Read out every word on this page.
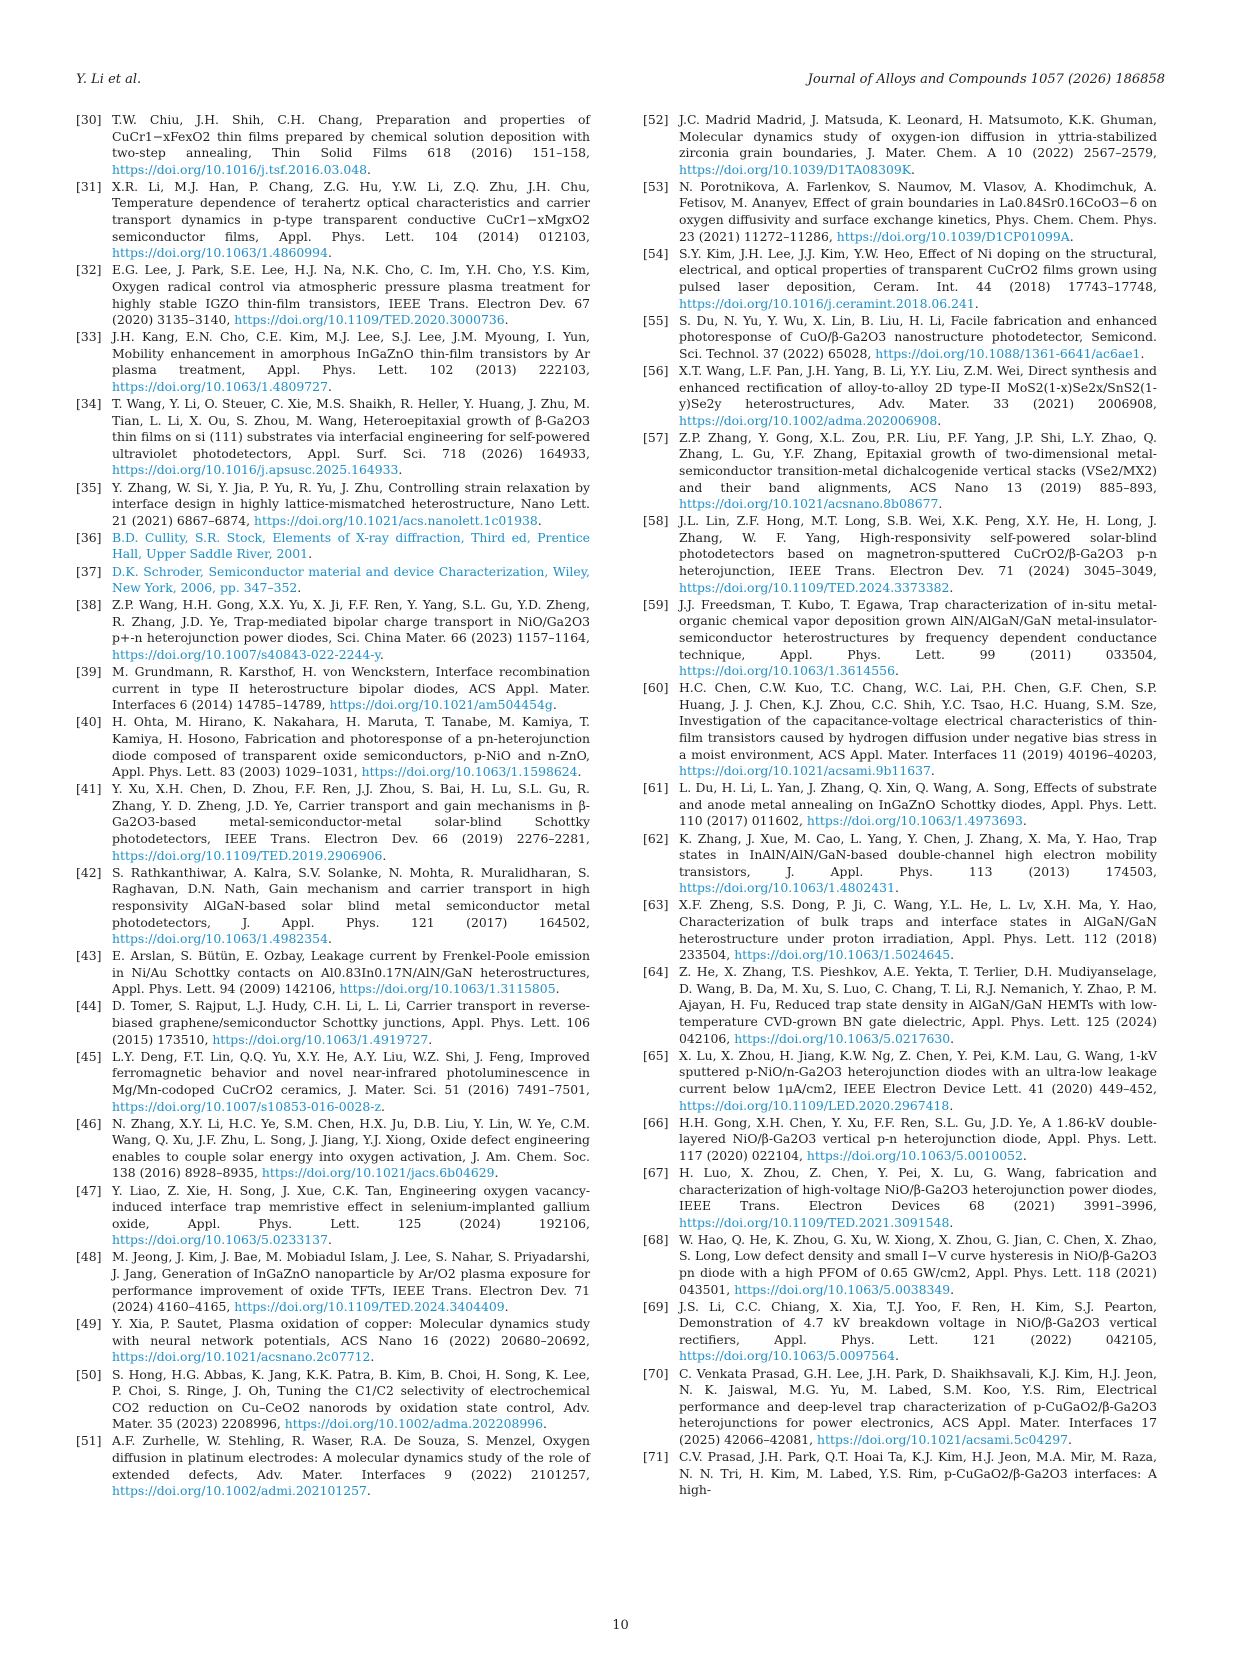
Y. Li et al.	Journal of Alloys and Compounds 1057 (2026) 186858
[30] T.W. Chiu, J.H. Shih, C.H. Chang, Preparation and properties of CuCr1−xFexO2 thin films prepared by chemical solution deposition with two-step annealing, Thin Solid Films 618 (2016) 151–158, https://doi.org/10.1016/j.tsf.2016.03.048.
[31] X.R. Li, M.J. Han, P. Chang, Z.G. Hu, Y.W. Li, Z.Q. Zhu, J.H. Chu, Temperature dependence of terahertz optical characteristics and carrier transport dynamics in p-type transparent conductive CuCr1−xMgxO2 semiconductor films, Appl. Phys. Lett. 104 (2014) 012103, https://doi.org/10.1063/1.4860994.
[32] E.G. Lee, J. Park, S.E. Lee, H.J. Na, N.K. Cho, C. Im, Y.H. Cho, Y.S. Kim, Oxygen radical control via atmospheric pressure plasma treatment for highly stable IGZO thin-film transistors, IEEE Trans. Electron Dev. 67 (2020) 3135–3140, https://doi.org/10.1109/TED.2020.3000736.
[33] J.H. Kang, E.N. Cho, C.E. Kim, M.J. Lee, S.J. Lee, J.M. Myoung, I. Yun, Mobility enhancement in amorphous InGaZnO thin-film transistors by Ar plasma treatment, Appl. Phys. Lett. 102 (2013) 222103, https://doi.org/10.1063/1.4809727.
[34] T. Wang, Y. Li, O. Steuer, C. Xie, M.S. Shaikh, R. Heller, Y. Huang, J. Zhu, M. Tian, L. Li, X. Ou, S. Zhou, M. Wang, Heteroepitaxial growth of β-Ga2O3 thin films on si (111) substrates via interfacial engineering for self-powered ultraviolet photodetectors, Appl. Surf. Sci. 718 (2026) 164933, https://doi.org/10.1016/j.apsusc.2025.164933.
[35] Y. Zhang, W. Si, Y. Jia, P. Yu, R. Yu, J. Zhu, Controlling strain relaxation by interface design in highly lattice-mismatched heterostructure, Nano Lett. 21 (2021) 6867–6874, https://doi.org/10.1021/acs.nanolett.1c01938.
[36] B.D. Cullity, S.R. Stock, Elements of X-ray diffraction, Third ed, Prentice Hall, Upper Saddle River, 2001.
[37] D.K. Schroder, Semiconductor material and device Characterization, Wiley, New York, 2006, pp. 347–352.
[38] Z.P. Wang, H.H. Gong, X.X. Yu, X. Ji, F.F. Ren, Y. Yang, S.L. Gu, Y.D. Zheng, R. Zhang, J.D. Ye, Trap-mediated bipolar charge transport in NiO/Ga2O3 p+-n heterojunction power diodes, Sci. China Mater. 66 (2023) 1157–1164, https://doi.org/10.1007/s40843-022-2244-y.
[39] M. Grundmann, R. Karsthof, H. von Wenckstern, Interface recombination current in type II heterostructure bipolar diodes, ACS Appl. Mater. Interfaces 6 (2014) 14785–14789, https://doi.org/10.1021/am504454g.
[40] H. Ohta, M. Hirano, K. Nakahara, H. Maruta, T. Tanabe, M. Kamiya, T. Kamiya, H. Hosono, Fabrication and photoresponse of a pn-heterojunction diode composed of transparent oxide semiconductors, p-NiO and n-ZnO, Appl. Phys. Lett. 83 (2003) 1029–1031, https://doi.org/10.1063/1.1598624.
[41] Y. Xu, X.H. Chen, D. Zhou, F.F. Ren, J.J. Zhou, S. Bai, H. Lu, S.L. Gu, R. Zhang, Y. D. Zheng, J.D. Ye, Carrier transport and gain mechanisms in β-Ga2O3-based metal-semiconductor-metal solar-blind Schottky photodetectors, IEEE Trans. Electron Dev. 66 (2019) 2276–2281, https://doi.org/10.1109/TED.2019.2906906.
[42] S. Rathkanthiwar, A. Kalra, S.V. Solanke, N. Mohta, R. Muralidharan, S. Raghavan, D.N. Nath, Gain mechanism and carrier transport in high responsivity AlGaN-based solar blind metal semiconductor metal photodetectors, J. Appl. Phys. 121 (2017) 164502, https://doi.org/10.1063/1.4982354.
[43] E. Arslan, S. Bütün, E. Ozbay, Leakage current by Frenkel-Poole emission in Ni/Au Schottky contacts on Al0.83In0.17N/AlN/GaN heterostructures, Appl. Phys. Lett. 94 (2009) 142106, https://doi.org/10.1063/1.3115805.
[44] D. Tomer, S. Rajput, L.J. Hudy, C.H. Li, L. Li, Carrier transport in reverse-biased graphene/semiconductor Schottky junctions, Appl. Phys. Lett. 106 (2015) 173510, https://doi.org/10.1063/1.4919727.
[45] L.Y. Deng, F.T. Lin, Q.Q. Yu, X.Y. He, A.Y. Liu, W.Z. Shi, J. Feng, Improved ferromagnetic behavior and novel near-infrared photoluminescence in Mg/Mn-codoped CuCrO2 ceramics, J. Mater. Sci. 51 (2016) 7491–7501, https://doi.org/10.1007/s10853-016-0028-z.
[46] N. Zhang, X.Y. Li, H.C. Ye, S.M. Chen, H.X. Ju, D.B. Liu, Y. Lin, W. Ye, C.M. Wang, Q. Xu, J.F. Zhu, L. Song, J. Jiang, Y.J. Xiong, Oxide defect engineering enables to couple solar energy into oxygen activation, J. Am. Chem. Soc. 138 (2016) 8928–8935, https://doi.org/10.1021/jacs.6b04629.
[47] Y. Liao, Z. Xie, H. Song, J. Xue, C.K. Tan, Engineering oxygen vacancy-induced interface trap memristive effect in selenium-implanted gallium oxide, Appl. Phys. Lett. 125 (2024) 192106, https://doi.org/10.1063/5.0233137.
[48] M. Jeong, J. Kim, J. Bae, M. Mobiadul Islam, J. Lee, S. Nahar, S. Priyadarshi, J. Jang, Generation of InGaZnO nanoparticle by Ar/O2 plasma exposure for performance improvement of oxide TFTs, IEEE Trans. Electron Dev. 71 (2024) 4160–4165, https://doi.org/10.1109/TED.2024.3404409.
[49] Y. Xia, P. Sautet, Plasma oxidation of copper: Molecular dynamics study with neural network potentials, ACS Nano 16 (2022) 20680–20692, https://doi.org/10.1021/acsnano.2c07712.
[50] S. Hong, H.G. Abbas, K. Jang, K.K. Patra, B. Kim, B. Choi, H. Song, K. Lee, P. Choi, S. Ringe, J. Oh, Tuning the C1/C2 selectivity of electrochemical CO2 reduction on Cu–CeO2 nanorods by oxidation state control, Adv. Mater. 35 (2023) 2208996, https://doi.org/10.1002/adma.202208996.
[51] A.F. Zurhelle, W. Stehling, R. Waser, R.A. De Souza, S. Menzel, Oxygen diffusion in platinum electrodes: A molecular dynamics study of the role of extended defects, Adv. Mater. Interfaces 9 (2022) 2101257, https://doi.org/10.1002/admi.202101257.
[52] J.C. Madrid Madrid, J. Matsuda, K. Leonard, H. Matsumoto, K.K. Ghuman, Molecular dynamics study of oxygen-ion diffusion in yttria-stabilized zirconia grain boundaries, J. Mater. Chem. A 10 (2022) 2567–2579, https://doi.org/10.1039/D1TA08309K.
[53] N. Porotnikova, A. Farlenkov, S. Naumov, M. Vlasov, A. Khodimchuk, A. Fetisov, M. Ananyev, Effect of grain boundaries in La0.84Sr0.16CoO3−δ on oxygen diffusivity and surface exchange kinetics, Phys. Chem. Chem. Phys. 23 (2021) 11272–11286, https://doi.org/10.1039/D1CP01099A.
[54] S.Y. Kim, J.H. Lee, J.J. Kim, Y.W. Heo, Effect of Ni doping on the structural, electrical, and optical properties of transparent CuCrO2 films grown using pulsed laser deposition, Ceram. Int. 44 (2018) 17743–17748, https://doi.org/10.1016/j.ceramint.2018.06.241.
[55] S. Du, N. Yu, Y. Wu, X. Lin, B. Liu, H. Li, Facile fabrication and enhanced photoresponse of CuO/β-Ga2O3 nanostructure photodetector, Semicond. Sci. Technol. 37 (2022) 65028, https://doi.org/10.1088/1361-6641/ac6ae1.
[56] X.T. Wang, L.F. Pan, J.H. Yang, B. Li, Y.Y. Liu, Z.M. Wei, Direct synthesis and enhanced rectification of alloy-to-alloy 2D type-II MoS2(1-x)Se2x/SnS2(1-y)Se2y heterostructures, Adv. Mater. 33 (2021) 2006908, https://doi.org/10.1002/adma.202006908.
[57] Z.P. Zhang, Y. Gong, X.L. Zou, P.R. Liu, P.F. Yang, J.P. Shi, L.Y. Zhao, Q. Zhang, L. Gu, Y.F. Zhang, Epitaxial growth of two-dimensional metal-semiconductor transition-metal dichalcogenide vertical stacks (VSe2/MX2) and their band alignments, ACS Nano 13 (2019) 885–893, https://doi.org/10.1021/acsnano.8b08677.
[58] J.L. Lin, Z.F. Hong, M.T. Long, S.B. Wei, X.K. Peng, X.Y. He, H. Long, J. Zhang, W. F. Yang, High-responsivity self-powered solar-blind photodetectors based on magnetron-sputtered CuCrO2/β-Ga2O3 p-n heterojunction, IEEE Trans. Electron Dev. 71 (2024) 3045–3049, https://doi.org/10.1109/TED.2024.3373382.
[59] J.J. Freedsman, T. Kubo, T. Egawa, Trap characterization of in-situ metal-organic chemical vapor deposition grown AlN/AlGaN/GaN metal-insulator-semiconductor heterostructures by frequency dependent conductance technique, Appl. Phys. Lett. 99 (2011) 033504, https://doi.org/10.1063/1.3614556.
[60] H.C. Chen, C.W. Kuo, T.C. Chang, W.C. Lai, P.H. Chen, G.F. Chen, S.P. Huang, J. J. Chen, K.J. Zhou, C.C. Shih, Y.C. Tsao, H.C. Huang, S.M. Sze, Investigation of the capacitance-voltage electrical characteristics of thin-film transistors caused by hydrogen diffusion under negative bias stress in a moist environment, ACS Appl. Mater. Interfaces 11 (2019) 40196–40203, https://doi.org/10.1021/acsami.9b11637.
[61] L. Du, H. Li, L. Yan, J. Zhang, Q. Xin, Q. Wang, A. Song, Effects of substrate and anode metal annealing on InGaZnO Schottky diodes, Appl. Phys. Lett. 110 (2017) 011602, https://doi.org/10.1063/1.4973693.
[62] K. Zhang, J. Xue, M. Cao, L. Yang, Y. Chen, J. Zhang, X. Ma, Y. Hao, Trap states in InAlN/AlN/GaN-based double-channel high electron mobility transistors, J. Appl. Phys. 113 (2013) 174503, https://doi.org/10.1063/1.4802431.
[63] X.F. Zheng, S.S. Dong, P. Ji, C. Wang, Y.L. He, L. Lv, X.H. Ma, Y. Hao, Characterization of bulk traps and interface states in AlGaN/GaN heterostructure under proton irradiation, Appl. Phys. Lett. 112 (2018) 233504, https://doi.org/10.1063/1.5024645.
[64] Z. He, X. Zhang, T.S. Pieshkov, A.E. Yekta, T. Terlier, D.H. Mudiyanselage, D. Wang, B. Da, M. Xu, S. Luo, C. Chang, T. Li, R.J. Nemanich, Y. Zhao, P. M. Ajayan, H. Fu, Reduced trap state density in AlGaN/GaN HEMTs with low-temperature CVD-grown BN gate dielectric, Appl. Phys. Lett. 125 (2024) 042106, https://doi.org/10.1063/5.0217630.
[65] X. Lu, X. Zhou, H. Jiang, K.W. Ng, Z. Chen, Y. Pei, K.M. Lau, G. Wang, 1-kV sputtered p-NiO/n-Ga2O3 heterojunction diodes with an ultra-low leakage current below 1μA/cm2, IEEE Electron Device Lett. 41 (2020) 449–452, https://doi.org/10.1109/LED.2020.2967418.
[66] H.H. Gong, X.H. Chen, Y. Xu, F.F. Ren, S.L. Gu, J.D. Ye, A 1.86-kV double-layered NiO/β-Ga2O3 vertical p-n heterojunction diode, Appl. Phys. Lett. 117 (2020) 022104, https://doi.org/10.1063/5.0010052.
[67] H. Luo, X. Zhou, Z. Chen, Y. Pei, X. Lu, G. Wang, fabrication and characterization of high-voltage NiO/β-Ga2O3 heterojunction power diodes, IEEE Trans. Electron Devices 68 (2021) 3991–3996, https://doi.org/10.1109/TED.2021.3091548.
[68] W. Hao, Q. He, K. Zhou, G. Xu, W. Xiong, X. Zhou, G. Jian, C. Chen, X. Zhao, S. Long, Low defect density and small I−V curve hysteresis in NiO/β-Ga2O3 pn diode with a high PFOM of 0.65 GW/cm2, Appl. Phys. Lett. 118 (2021) 043501, https://doi.org/10.1063/5.0038349.
[69] J.S. Li, C.C. Chiang, X. Xia, T.J. Yoo, F. Ren, H. Kim, S.J. Pearton, Demonstration of 4.7 kV breakdown voltage in NiO/β-Ga2O3 vertical rectifiers, Appl. Phys. Lett. 121 (2022) 042105, https://doi.org/10.1063/5.0097564.
[70] C. Venkata Prasad, G.H. Lee, J.H. Park, D. Shaikhsavali, K.J. Kim, H.J. Jeon, N. K. Jaiswal, M.G. Yu, M. Labed, S.M. Koo, Y.S. Rim, Electrical performance and deep-level trap characterization of p-CuGaO2/β-Ga2O3 heterojunctions for power electronics, ACS Appl. Mater. Interfaces 17 (2025) 42066–42081, https://doi.org/10.1021/acsami.5c04297.
[71] C.V. Prasad, J.H. Park, Q.T. Hoai Ta, K.J. Kim, H.J. Jeon, M.A. Mir, M. Raza, N. N. Tri, H. Kim, M. Labed, Y.S. Rim, p-CuGaO2/β-Ga2O3 interfaces: A high-
10
